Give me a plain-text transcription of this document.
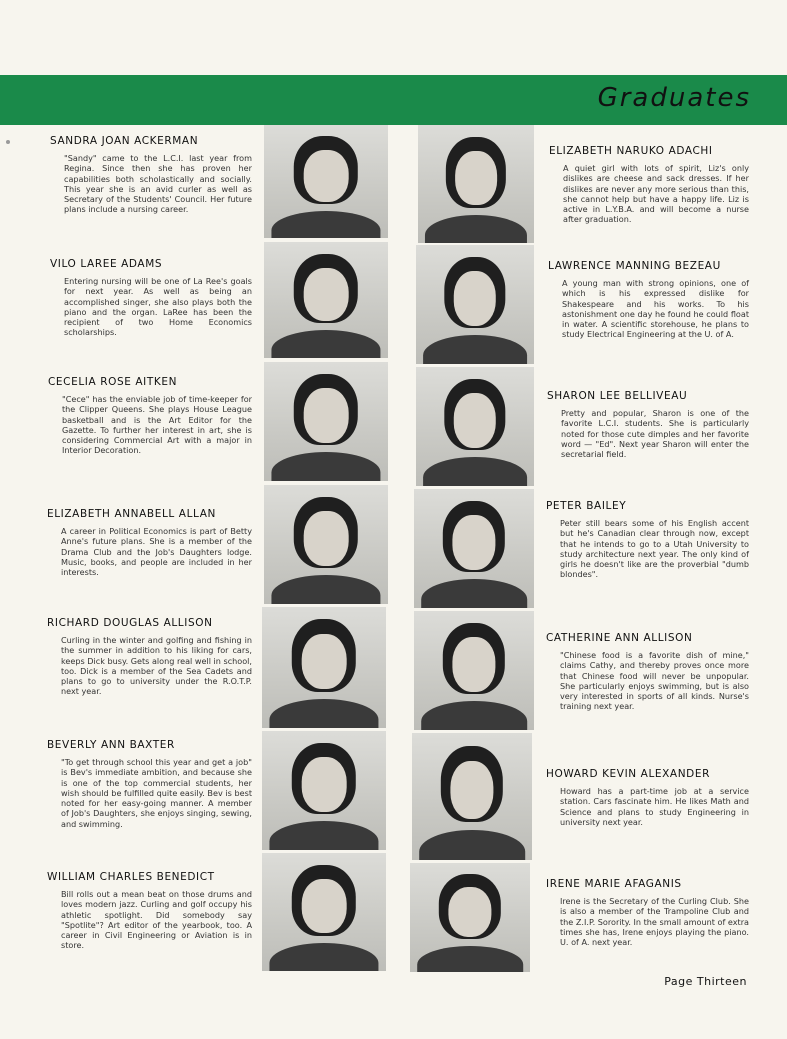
Graduates
SANDRA JOAN ACKERMAN

"Sandy" came to the L.C.I. last year from Regina. Since then she has proven her capabilities both scholastically and socially. This year she is an avid curler as well as Secretary of the Students' Council. Her future plans include a nursing career.

VILO LAREE ADAMS

Entering nursing will be one of La Ree's goals for next year. As well as being an accomplished singer, she also plays both the piano and the organ. LaRee has been the recipient of two Home Economics scholarships.

CECELIA ROSE AITKEN

"Cece" has the enviable job of time-keeper for the Clipper Queens. She plays House League basketball and is the Art Editor for the Gazette. To further her interest in art, she is considering Commercial Art with a major in Interior Decoration.

ELIZABETH ANNABELL ALLAN

A career in Political Economics is part of Betty Anne's future plans. She is a member of the Drama Club and the Job's Daughters lodge. Music, books, and people are included in her interests.

RICHARD DOUGLAS ALLISON

Curling in the winter and golfing and fishing in the summer in addition to his liking for cars, keeps Dick busy. Gets along real well in school, too. Dick is a member of the Sea Cadets and plans to go to university under the R.O.T.P. next year.

BEVERLY ANN BAXTER

"To get through school this year and get a job" is Bev's immediate ambition, and because she is one of the top commercial students, her wish should be fulfilled quite easily. Bev is best noted for her easy-going manner. A member of Job's Daughters, she enjoys singing, sewing, and swimming.

WILLIAM CHARLES BENEDICT

Bill rolls out a mean beat on those drums and loves modern jazz. Curling and golf occupy his athletic spotlight. Did somebody say "Spotlite"? Art editor of the yearbook, too. A career in Civil Engineering or Aviation is in store.

ELIZABETH NARUKO ADACHI

A quiet girl with lots of spirit, Liz's only dislikes are cheese and sack dresses. If her dislikes are never any more serious than this, she cannot help but have a happy life. Liz is active in L.Y.B.A. and will become a nurse after graduation.

LAWRENCE MANNING BEZEAU

A young man with strong opinions, one of which is his expressed dislike for Shakespeare and his works. To his astonishment one day he found he could float in water. A scientific storehouse, he plans to study Electrical Engineering at the U. of A.

SHARON LEE BELLIVEAU

Pretty and popular, Sharon is one of the favorite L.C.I. students. She is particularly noted for those cute dimples and her favorite word — "Ed". Next year Sharon will enter the secretarial field.

PETER BAILEY

Peter still bears some of his English accent but he's Canadian clear through now, except that he intends to go to a Utah University to study architecture next year. The only kind of girls he doesn't like are the proverbial "dumb blondes".

CATHERINE ANN ALLISON

"Chinese food is a favorite dish of mine," claims Cathy, and thereby proves once more that Chinese food will never be unpopular. She particularly enjoys swimming, but is also very interested in sports of all kinds. Nurse's training next year.

HOWARD KEVIN ALEXANDER

Howard has a part-time job at a service station. Cars fascinate him. He likes Math and Science and plans to study Engineering in university next year.

IRENE MARIE AFAGANIS

Irene is the Secretary of the Curling Club. She is also a member of the Trampoline Club and the Z.I.P. Sorority. In the small amount of extra times she has, Irene enjoys playing the piano. U. of A. next year.

Page Thirteen
